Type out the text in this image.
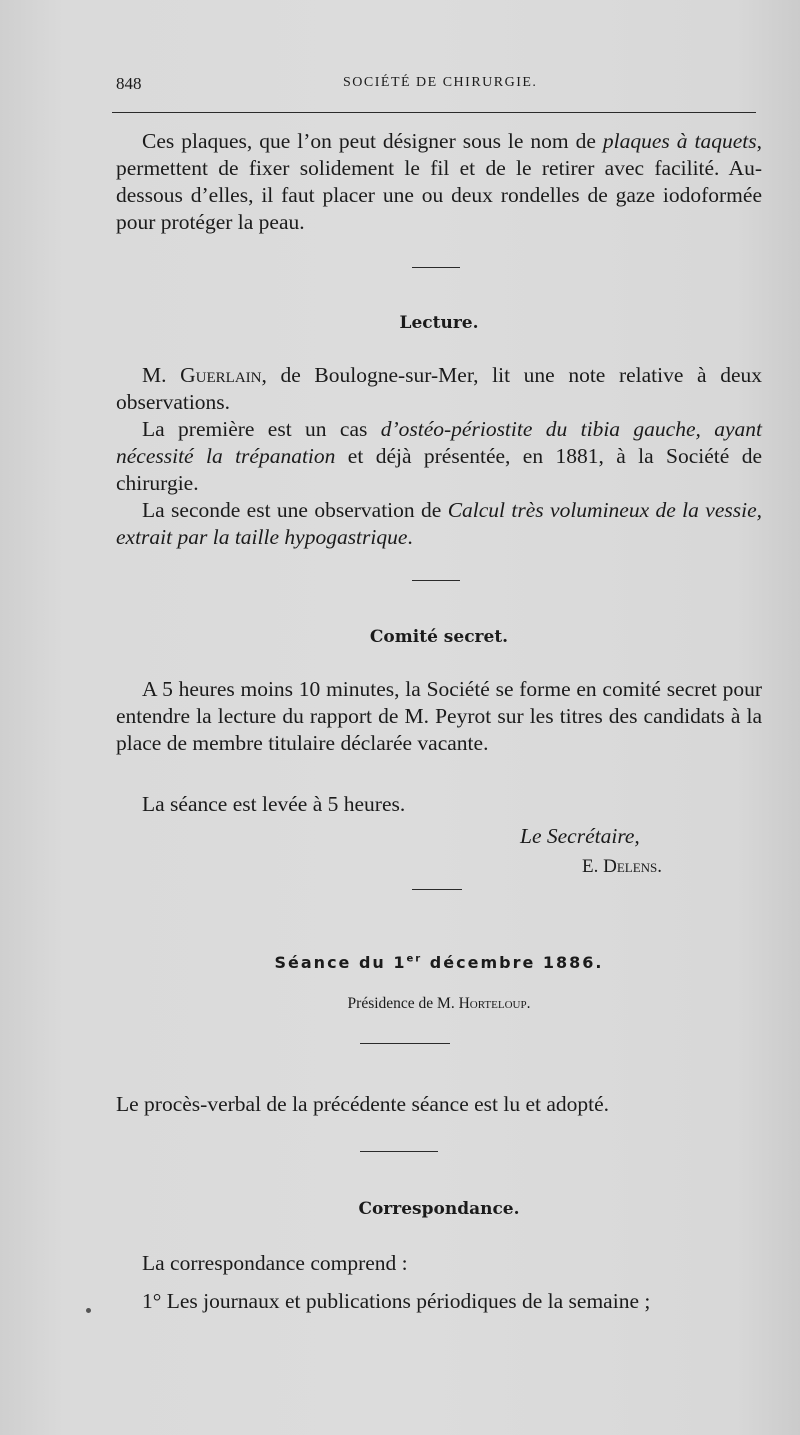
848	SOCIÉTÉ DE CHIRURGIE.

Ces plaques, que l’on peut désigner sous le nom de plaques à taquets, permettent de fixer solidement le fil et de le retirer avec facilité. Au-dessous d’elles, il faut placer une ou deux rondelles de gaze iodoformée pour protéger la peau.

Lecture.

M. Guerlain, de Boulogne-sur-Mer, lit une note relative à deux observations.

La première est un cas d’ostéo-périostite du tibia gauche, ayant nécessité la trépanation et déjà présentée, en 1881, à la Société de chirurgie.

La seconde est une observation de Calcul très volumineux de la vessie, extrait par la taille hypogastrique.

Comité secret.

A 5 heures moins 10 minutes, la Société se forme en comité secret pour entendre la lecture du rapport de M. Peyrot sur les titres des candidats à la place de membre titulaire déclarée vacante.

La séance est levée à 5 heures.

Le Secrétaire,
E. Delens.
Séance du 1er décembre 1886.

Présidence de M. Horteloup.

Le procès-verbal de la précédente séance est lu et adopté.

Correspondance.

La correspondance comprend :

1° Les journaux et publications périodiques de la semaine ;
